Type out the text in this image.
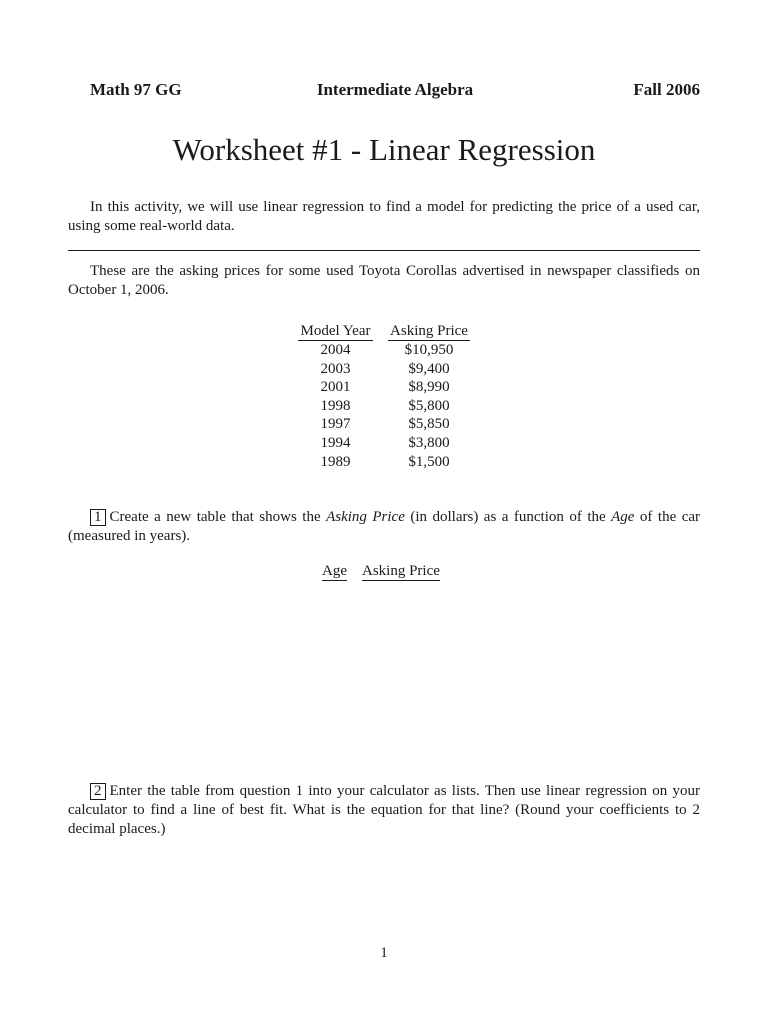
Intermediate Algebra
Math 97 GG	Fall 2006
Worksheet #1 - Linear Regression

In this activity, we will use linear regression to find a model for predicting the price of a used car, using some real-world data.

These are the asking prices for some used Toyota Corollas advertised in newspaper classifieds on October 1, 2006.

Model Year		Asking Price
2004		$10,950
2003		$9,400
2001		$8,990
1998		$5,800
1997		$5,850
1994		$3,800
1989		$1,500

1 Create a new table that shows the Asking Price (in dollars) as a function of the Age of the car (measured in years).

Age		Asking Price

2 Enter the table from question 1 into your calculator as lists. Then use linear regression on your calculator to find a line of best fit. What is the equation for that line? (Round your coefficients to 2 decimal places.)

1
